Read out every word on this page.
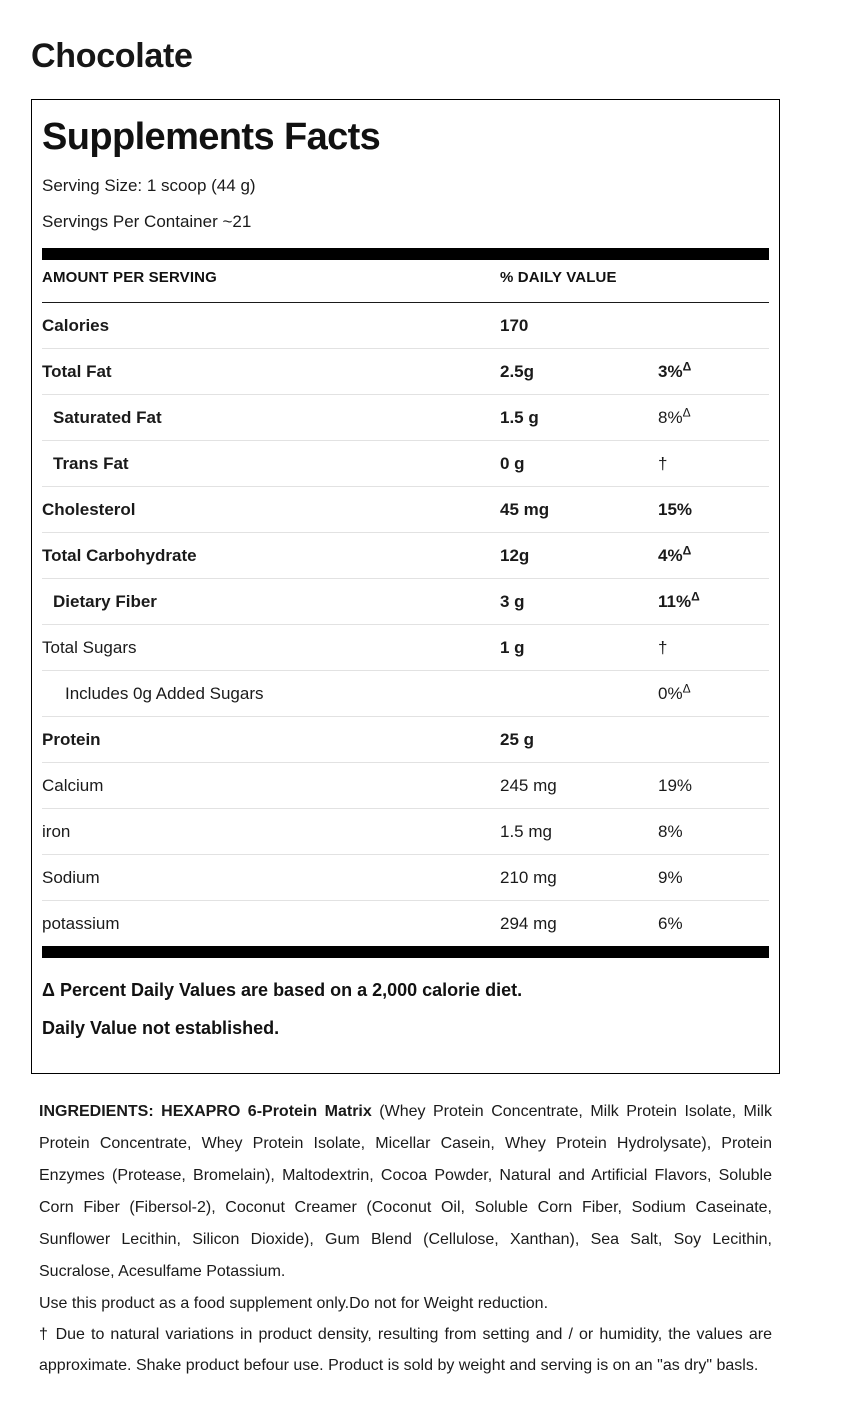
Chocolate
Supplements Facts
Serving Size: 1 scoop (44 g)
Servings Per Container ~21
AMOUNT PER SERVING	% DAILY VALUE	
Calories	170	
Total Fat	2.5g	3%$^\Delta$
Saturated Fat	1.5 g	8%$^\Delta$
Trans Fat	0 g	†
Cholesterol	45 mg	15%
Total Carbohydrate	12g	4%$^\Delta$
Dietary Fiber	3 g	11%$^\Delta$
Total Sugars	1 g	†
Includes 0g Added Sugars		0%$^\Delta$
Protein	25 g	
Calcium	245 mg	19%
iron	1.5 mg	8%
Sodium	210 mg	9%
potassium	294 mg	6%
Δ Percent Daily Values are based on a 2,000 calorie diet.
Daily Value not established.

INGREDIENTS: HEXAPRO 6-Protein Matrix (Whey Protein Concentrate, Milk Protein Isolate, Milk Protein Concentrate, Whey Protein Isolate, Micellar Casein, Whey Protein Hydrolysate), Protein Enzymes (Protease, Bromelain), Maltodextrin, Cocoa Powder, Natural and Artificial Flavors, Soluble Corn Fiber (Fibersol-2), Coconut Creamer (Coconut Oil, Soluble Corn Fiber, Sodium Caseinate, Sunflower Lecithin, Silicon Dioxide), Gum Blend (Cellulose, Xanthan), Sea Salt, Soy Lecithin, Sucralose, Acesulfame Potassium.

Use this product as a food supplement only.Do not for Weight reduction.
† Due to natural variations in product density, resulting from setting and / or humidity, the values are approximate. Shake product befour use. Product is sold by weight and serving is on an "as dry" basls.
